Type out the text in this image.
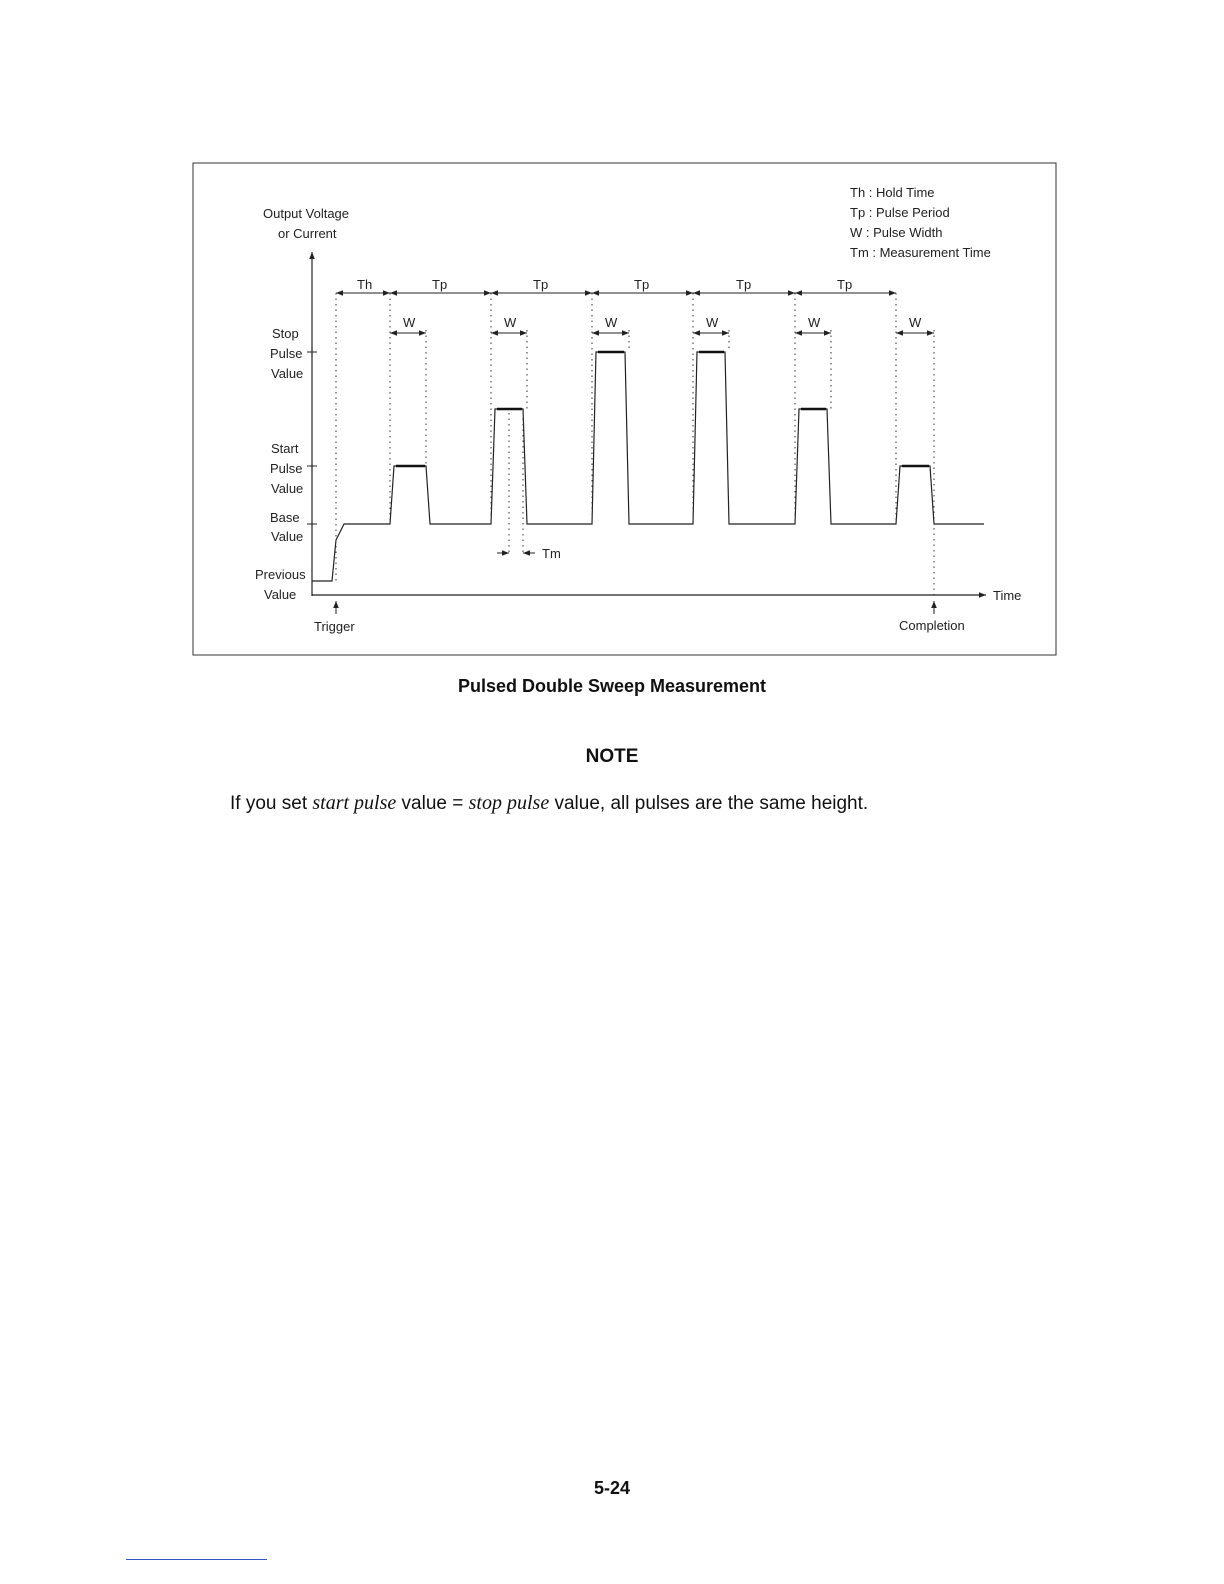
Output Voltage
or Current
Time
Th : Hold Time
Tp : Pulse Period
W : Pulse Width
Tm : Measurement Time
Stop
Pulse
Value
Start
Pulse
Value
Base
Value
Previous
Value
Th	Tp	Tp	Tp	Tp	Tp
W	W	W	W	W	W
Tm
Trigger	Completion
Pulsed Double Sweep Measurement
NOTE
If you set start pulse value = stop pulse value, all pulses are the same height.
5-24
